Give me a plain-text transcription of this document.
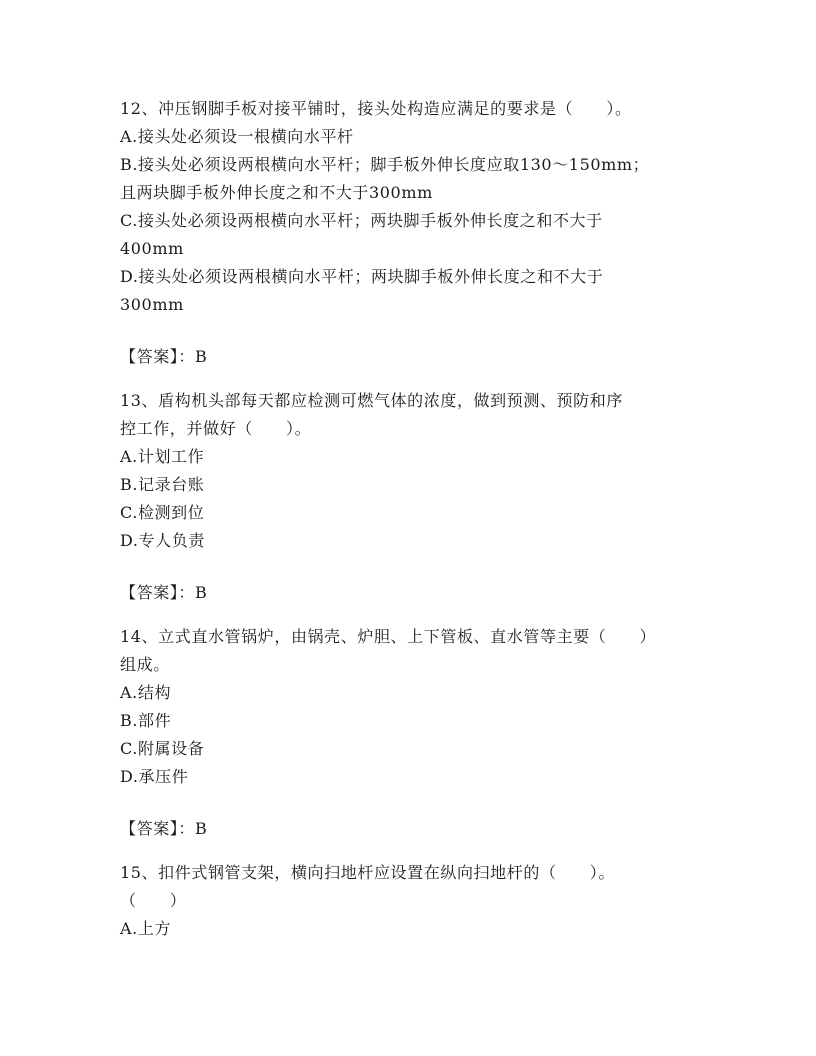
12、冲压钢脚手板对接平铺时，接头处构造应满足的要求是（　　）。
A.接头处必须设一根横向水平杆
B.接头处必须设两根横向水平杆；脚手板外伸长度应取130～150mm；
且两块脚手板外伸长度之和不大于300mm
C.接头处必须设两根横向水平杆；两块脚手板外伸长度之和不大于
400mm
D.接头处必须设两根横向水平杆；两块脚手板外伸长度之和不大于
300mm
【答案】：B
13、盾构机头部每天都应检测可燃气体的浓度，做到预测、预防和序
控工作，并做好（　　）。
A.计划工作
B.记录台账
C.检测到位
D.专人负责
【答案】：B
14、立式直水管锅炉，由锅壳、炉胆、上下管板、直水管等主要（　　）
组成。
A.结构
B.部件
C.附属设备
D.承压件
【答案】：B
15、扣件式钢管支架，横向扫地杆应设置在纵向扫地杆的（　　）。
（　　）
A.上方
